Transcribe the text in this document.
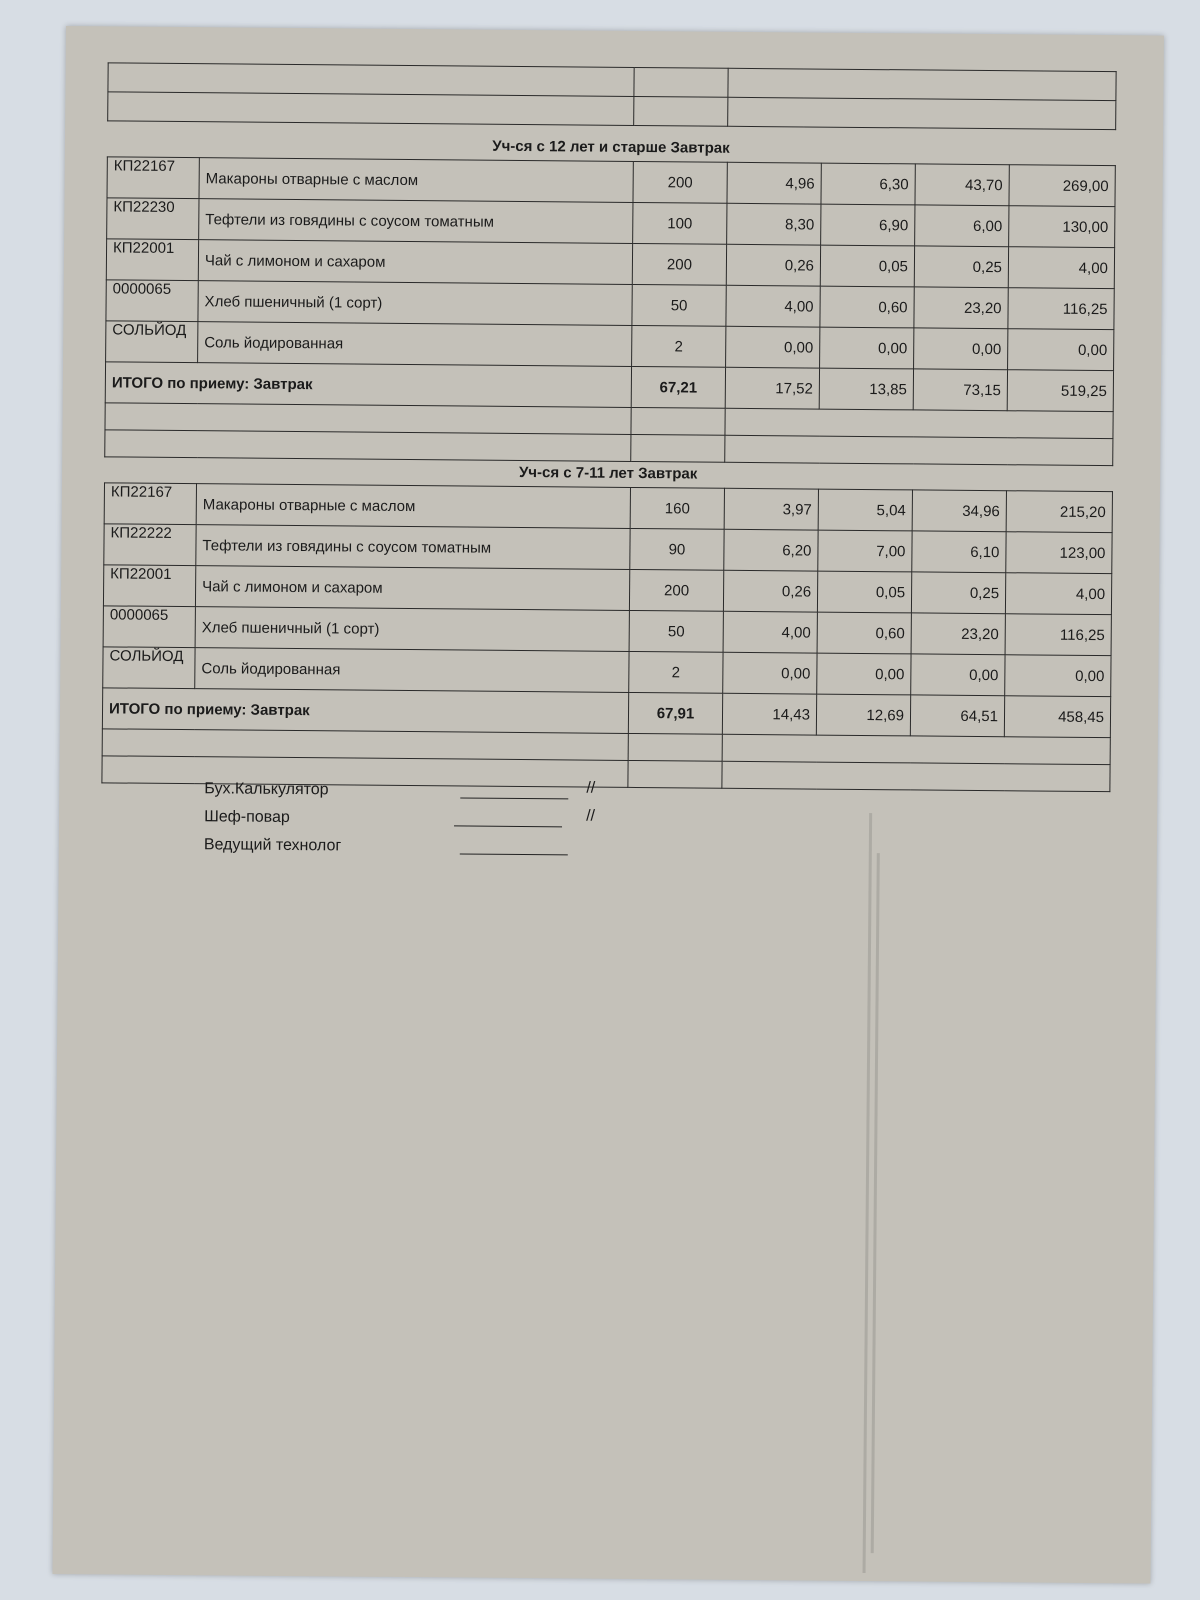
Уч-ся с 12 лет и старше Завтрак
КП22167	Макароны отварные с маслом	200	4,96	6,30	43,70	269,00
КП22230	Тефтели из говядины с соусом томатным	100	8,30	6,90	6,00	130,00
КП22001	Чай с лимоном и сахаром	200	0,26	0,05	0,25	4,00
0000065	Хлеб пшеничный (1 сорт)	50	4,00	0,60	23,20	116,25
СОЛЬЙОД	Соль йодированная	2	0,00	0,00	0,00	0,00
ИТОГО по приему: Завтрак		67,21	17,52	13,85	73,15	519,25

Уч-ся с 7-11 лет Завтрак
КП22167	Макароны отварные с маслом	160	3,97	5,04	34,96	215,20
КП22222	Тефтели из говядины с соусом томатным	90	6,20	7,00	6,10	123,00
КП22001	Чай с лимоном и сахаром	200	0,26	0,05	0,25	4,00
0000065	Хлеб пшеничный (1 сорт)	50	4,00	0,60	23,20	116,25
СОЛЬЙОД	Соль йодированная	2	0,00	0,00	0,00	0,00
ИТОГО по приему: Завтрак		67,91	14,43	12,69	64,51	458,45

Бух.Калькулятор	//
Шеф-повар	//
Ведущий технолог
